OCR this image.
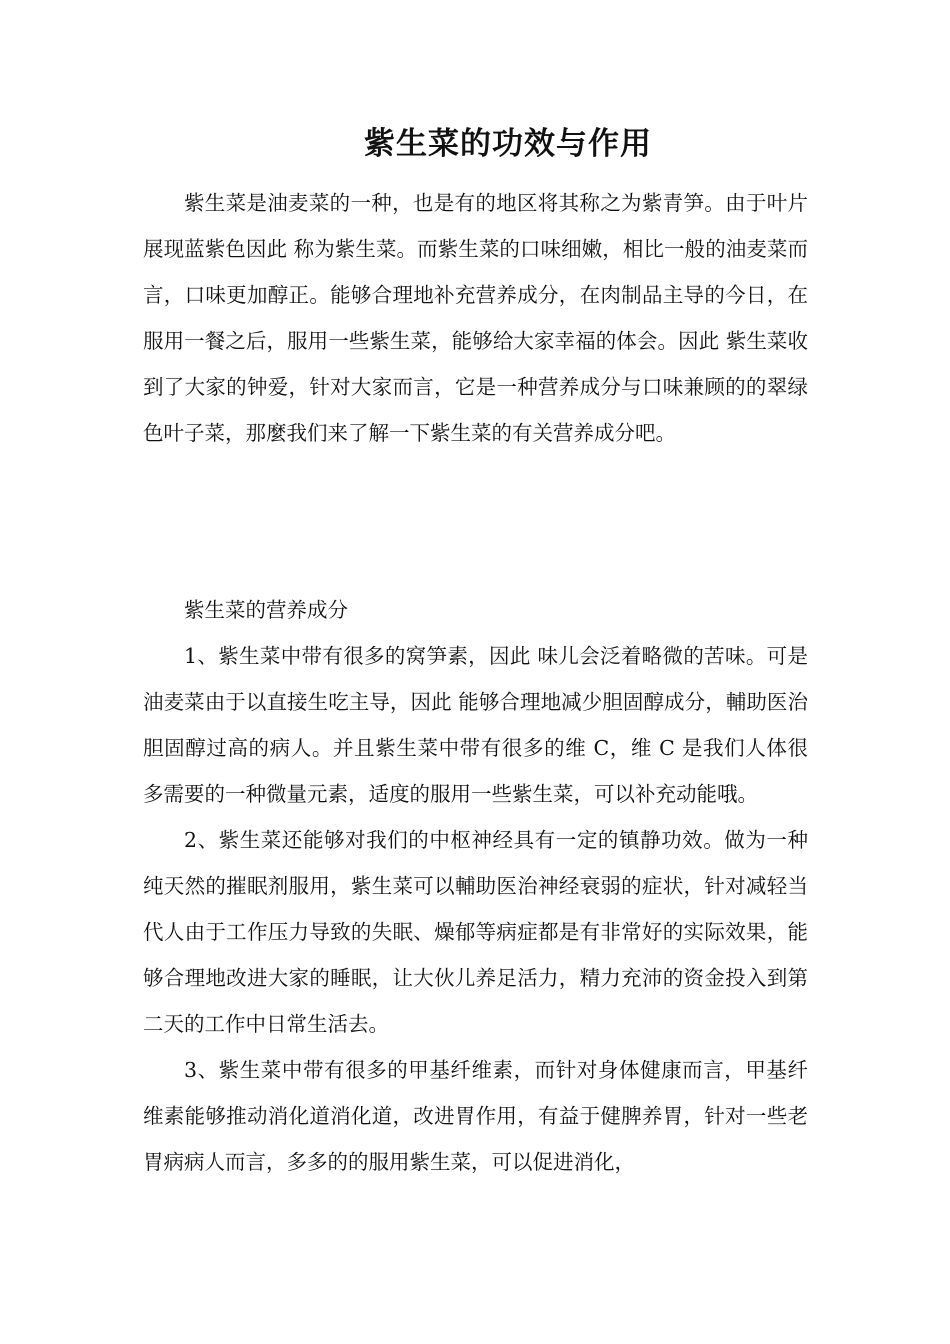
紫生菜的功效与作用

紫生菜是油麦菜的一种，也是有的地区将其称之为紫青笋。由于叶片展现蓝紫色因此 称为紫生菜。而紫生菜的口味细嫩，相比一般的油麦菜而言，口味更加醇正。能够合理地补充营养成分，在肉制品主导的今日，在服用一餐之后，服用一些紫生菜，能够给大家幸福的体会。因此 紫生菜收到了大家的钟爱，针对大家而言，它是一种营养成分与口味兼顾的的翠绿色叶子菜，那麼我们来了解一下紫生菜的有关营养成分吧。

紫生菜的营养成分

1、紫生菜中带有很多的窝笋素，因此 味儿会泛着略微的苦味。可是油麦菜由于以直接生吃主导，因此 能够合理地减少胆固醇成分，輔助医治胆固醇过高的病人。并且紫生菜中带有很多的维 C，维 C 是我们人体很多需要的一种微量元素，适度的服用一些紫生菜，可以补充动能哦。

2、紫生菜还能够对我们的中枢神经具有一定的镇静功效。做为一种纯天然的摧眠剂服用，紫生菜可以輔助医治神经衰弱的症状，针对减轻当代人由于工作压力导致的失眠、燥郁等病症都是有非常好的实际效果，能够合理地改进大家的睡眠，让大伙儿养足活力，精力充沛的资金投入到第二天的工作中日常生活去。

3、紫生菜中带有很多的甲基纤维素，而针对身体健康而言，甲基纤维素能够推动消化道消化道，改进胃作用，有益于健脾养胃，针对一些老胃病病人而言，多多的的服用紫生菜，可以促进消化，
